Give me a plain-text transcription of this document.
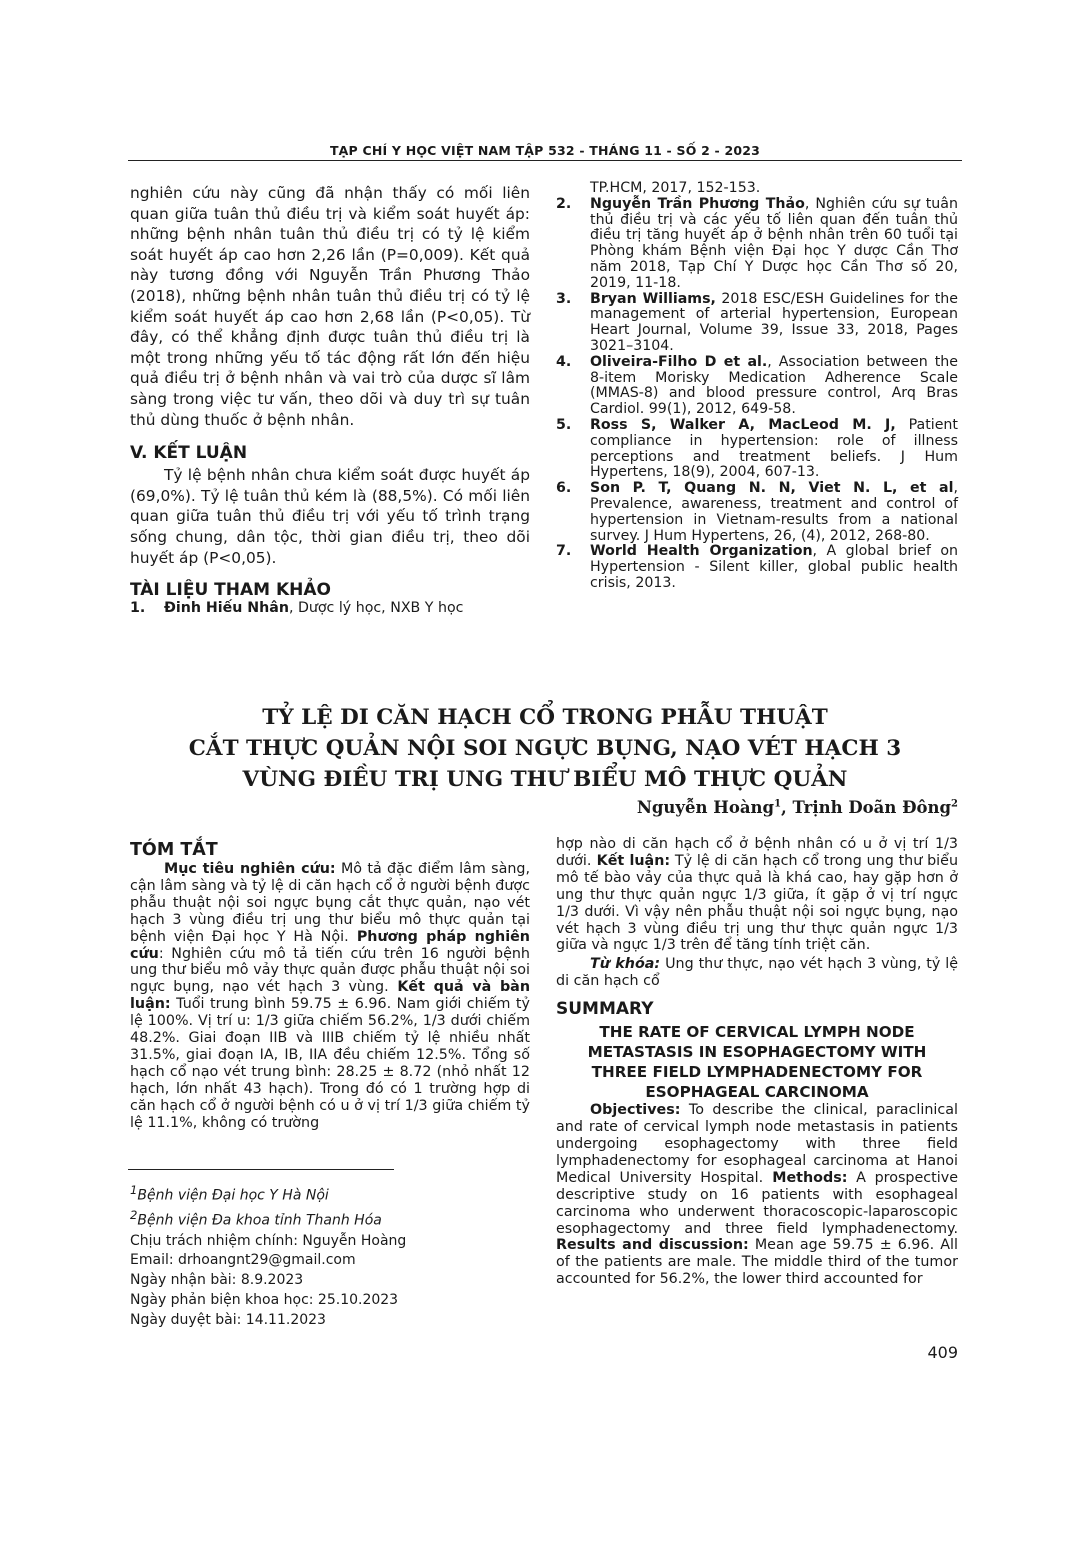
TẠP CHÍ Y HỌC VIỆT NAM TẬP 532 - THÁNG 11 - SỐ 2 - 2023

nghiên cứu này cũng đã nhận thấy có mối liên quan giữa tuân thủ điều trị và kiểm soát huyết áp: những bệnh nhân tuân thủ điều trị có tỷ lệ kiểm soát huyết áp cao hơn 2,26 lần (P=0,009). Kết quả này tương đồng với Nguyễn Trần Phương Thảo (2018), những bệnh nhân tuân thủ điều trị có tỷ lệ kiểm soát huyết áp cao hơn 2,68 lần (P<0,05). Từ đây, có thể khẳng định được tuân thủ điều trị là một trong những yếu tố tác động rất lớn đến hiệu quả điều trị ở bệnh nhân và vai trò của dược sĩ lâm sàng trong việc tư vấn, theo dõi và duy trì sự tuân thủ dùng thuốc ở bệnh nhân.

V. KẾT LUẬN

Tỷ lệ bệnh nhân chưa kiểm soát được huyết áp (69,0%). Tỷ lệ tuân thủ kém là (88,5%). Có mối liên quan giữa tuân thủ điều trị với yếu tố trình trạng sống chung, dân tộc, thời gian điều trị, theo dõi huyết áp (P<0,05).

TÀI LIỆU THAM KHẢO
1.	Đinh Hiếu Nhân, Dược lý học, NXB Y học
TP.HCM, 2017, 152-153.
2.	Nguyễn Trần Phương Thảo, Nghiên cứu sự tuân thủ điều trị và các yếu tố liên quan đến tuân thủ điều trị tăng huyết áp ở bệnh nhân trên 60 tuổi tại Phòng khám Bệnh viện Đại học Y dược Cần Thơ năm 2018, Tạp Chí Y Dược học Cần Thơ số 20, 2019, 11-18.
3.	Bryan Williams, 2018 ESC/ESH Guidelines for the management of arterial hypertension, European Heart Journal, Volume 39, Issue 33, 2018, Pages 3021–3104.
4.	Oliveira-Filho D et al., Association between the 8-item Morisky Medication Adherence Scale (MMAS-8) and blood pressure control, Arq Bras Cardiol. 99(1), 2012, 649-58.
5.	Ross S, Walker A, MacLeod M. J, Patient compliance in hypertension: role of illness perceptions and treatment beliefs. J Hum Hypertens, 18(9), 2004, 607-13.
6.	Son P. T, Quang N. N, Viet N. L, et al, Prevalence, awareness, treatment and control of hypertension in Vietnam-results from a national survey. J Hum Hypertens, 26, (4), 2012, 268-80.
7.	World Health Organization, A global brief on Hypertension - Silent killer, global public health crisis, 2013.
TỶ LỆ DI CĂN HẠCH CỔ TRONG PHẪU THUẬT
CẮT THỰC QUẢN NỘI SOI NGỰC BỤNG, NẠO VÉT HẠCH 3
VÙNG ĐIỀU TRỊ UNG THƯ BIỂU MÔ THỰC QUẢN
Nguyễn Hoàng$^1$, Trịnh Doãn Đông$^2$
TÓM TẮT

Mục tiêu nghiên cứu: Mô tả đặc điểm lâm sàng, cận lâm sàng và tỷ lệ di căn hạch cổ ở người bệnh được phẫu thuật nội soi ngực bụng cắt thực quản, nạo vét hạch 3 vùng điều trị ung thư biểu mô thực quản tại bệnh viện Đại học Y Hà Nội. Phương pháp nghiên cứu: Nghiên cứu mô tả tiến cứu trên 16 người bệnh ung thư biểu mô vảy thực quản được phẫu thuật nội soi ngực bụng, nạo vét hạch 3 vùng. Kết quả và bàn luận: Tuổi trung bình 59.75 ± 6.96. Nam giới chiếm tỷ lệ 100%. Vị trí u: 1/3 giữa chiếm 56.2%, 1/3 dưới chiếm 48.2%. Giai đoạn IIB và IIIB chiếm tỷ lệ nhiều nhất 31.5%, giai đoạn IA, IB, IIA đều chiếm 12.5%. Tổng số hạch cổ nạo vét trung bình: 28.25 ± 8.72 (nhỏ nhất 12 hạch, lớn nhất 43 hạch). Trong đó có 1 trường hợp di căn hạch cổ ở người bệnh có u ở vị trí 1/3 giữa chiếm tỷ lệ 11.1%, không có trường

hợp nào di căn hạch cổ ở bệnh nhân có u ở vị trí 1/3 dưới. Kết luận: Tỷ lệ di căn hạch cổ trong ung thư biểu mô tế bào vảy của thực quả là khá cao, hay gặp hơn ở ung thư thực quản ngực 1/3 giữa, ít gặp ở vị trí ngực 1/3 dưới. Vì vậy nên phẫu thuật nội soi ngực bụng, nạo vét hạch 3 vùng điều trị ung thư thực quản ngực 1/3 giữa và ngực 1/3 trên để tăng tính triệt căn.

Từ khóa: Ung thư thực, nạo vét hạch 3 vùng, tỷ lệ di căn hạch cổ

SUMMARY
THE RATE OF CERVICAL LYMPH NODE
METASTASIS IN ESOPHAGECTOMY WITH
THREE FIELD LYMPHADENECTOMY FOR
ESOPHAGEAL CARCINOMA

Objectives: To describe the clinical, paraclinical and rate of cervical lymph node metastasis in patients undergoing esophagectomy with three field lymphadenectomy for esophageal carcinoma at Hanoi Medical University Hospital. Methods: A prospective descriptive study on 16 patients with esophageal carcinoma who underwent thoracoscopic-laparoscopic esophagectomy and three field lymphadenectomy. Results and discussion: Mean age 59.75 ± 6.96. All of the patients are male. The middle third of the tumor accounted for 56.2%, the lower third accounted for

$^1$Bệnh viện Đại học Y Hà Nội
$^2$Bệnh viện Đa khoa tỉnh Thanh Hóa
Chịu trách nhiệm chính: Nguyễn Hoàng
Email: drhoangnt29@gmail.com
Ngày nhận bài: 8.9.2023
Ngày phản biện khoa học: 25.10.2023
Ngày duyệt bài: 14.11.2023
409
